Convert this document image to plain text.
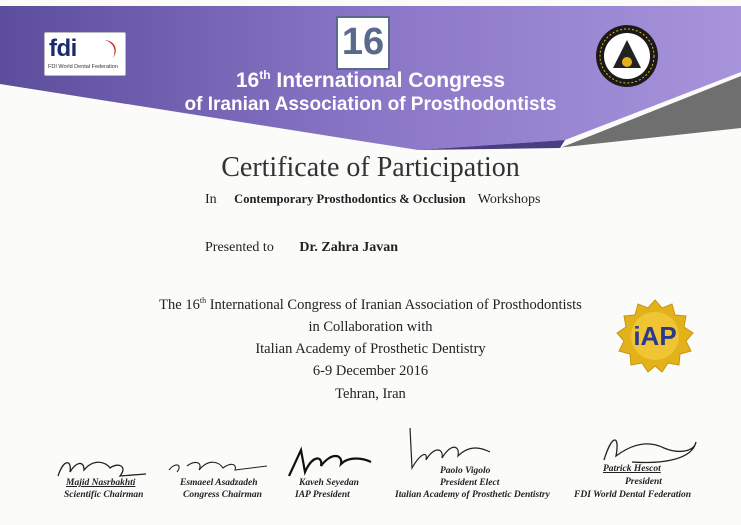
fdi
FDI World Dental Federation
16
16th International Congress
of Iranian Association of Prosthodontists
Certificate of Participation
In Contemporary Prosthodontics & Occlusion Workshops
Presented to Dr. Zahra Javan
The 16th International Congress of Iranian Association of Prosthodontists
in Collaboration with
Italian Academy of Prosthetic Dentistry
6-9 December 2016
Tehran, Iran
iAP
Majid Nasrbakhti
Scientific Chairman
Esmaeel Asadzadeh
Congress Chairman
Kaveh Seyedan
IAP President
Paolo Vigolo
President Elect
Italian Academy of Prosthetic Dentistry
Patrick Hescot
President
FDI World Dental Federation
